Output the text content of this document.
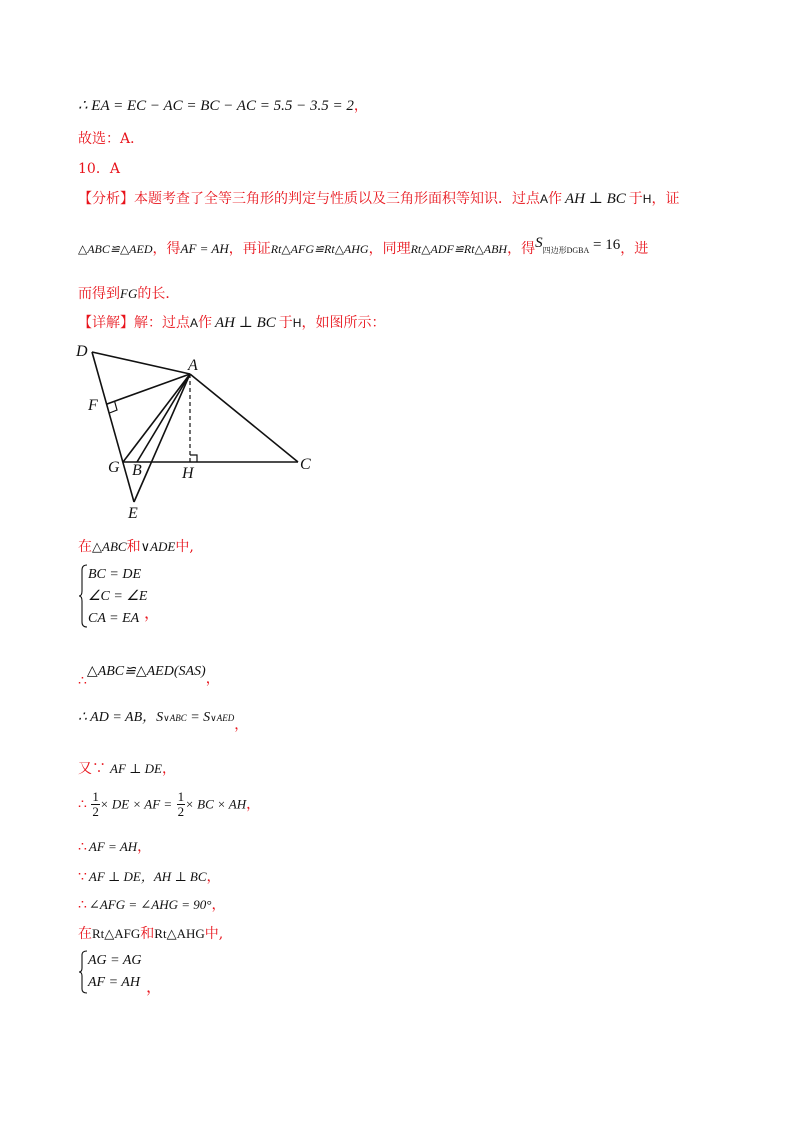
∴ EA = EC − AC = BC − AC = 5.5 − 3.5 = 2，
故选：A．
10．A
【分析】本题考查了全等三角形的判定与性质以及三角形面积等知识．过点A作 AH ⊥ BC 于H，证
△ABC≌△AED，得AF = AH，再证Rt△AFG≌Rt△AHG，同理Rt△ADF≌Rt△ABH，得S四边形DGBA = 16，进
而得到FG的长．
【详解】解：过点A作 AH ⊥ BC 于H，如图所示：
D
A
F
G B	H
C
E
在△ABC和∨ADE中,
BC = DE
∠C = ∠E
CA = EA ，
∴△ABC≌△AED(SAS)，
∴ AD = AB，S∨ABC = S∨AED，
又∵ AF ⊥ DE，
∴ $\frac{1}{2}$ × DE × AF = $\frac{1}{2}$ × BC × AH，
∴ AF = AH，
∵ AF ⊥ DE，AH ⊥ BC，
∴ ∠AFG = ∠AHG = 90°，
在Rt△AFG和Rt△AHG中,
AG = AG
AF = AH ，
